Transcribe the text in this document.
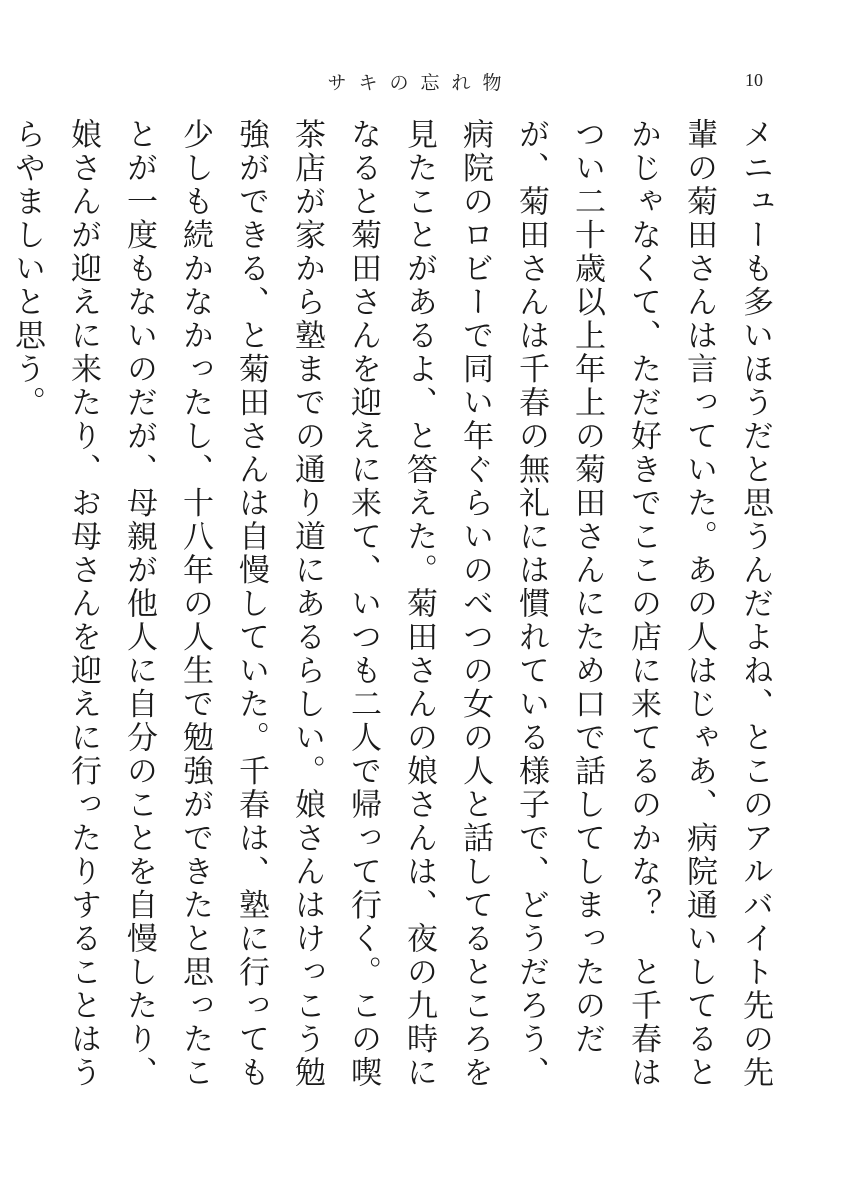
サキの忘れ物	10

メニューも多いほうだと思うんだよね、とこのアルバイト先の先輩の菊田さんは言っていた。あの人はじゃあ、病院通いしてるとかじゃなくて、ただ好きでここの店に来てるのかな？　と千春はつい二十歳以上年上の菊田さんにため口で話してしまったのだが、菊田さんは千春の無礼には慣れている様子で、どうだろう、病院のロビーで同い年ぐらいのべつの女の人と話してるところを見たことがあるよ、と答えた。菊田さんの娘さんは、夜の九時になると菊田さんを迎えに来て、いつも二人で帰って行く。この喫茶店が家から塾までの通り道にあるらしい。娘さんはけっこう勉強ができる、と菊田さんは自慢していた。千春は、塾に行っても少しも続かなかったし、十八年の人生で勉強ができたと思ったことが一度もないのだが、母親が他人に自分のことを自慢したり、娘さんが迎えに来たり、お母さんを迎えに行ったりすることはうらやましいと思う。
